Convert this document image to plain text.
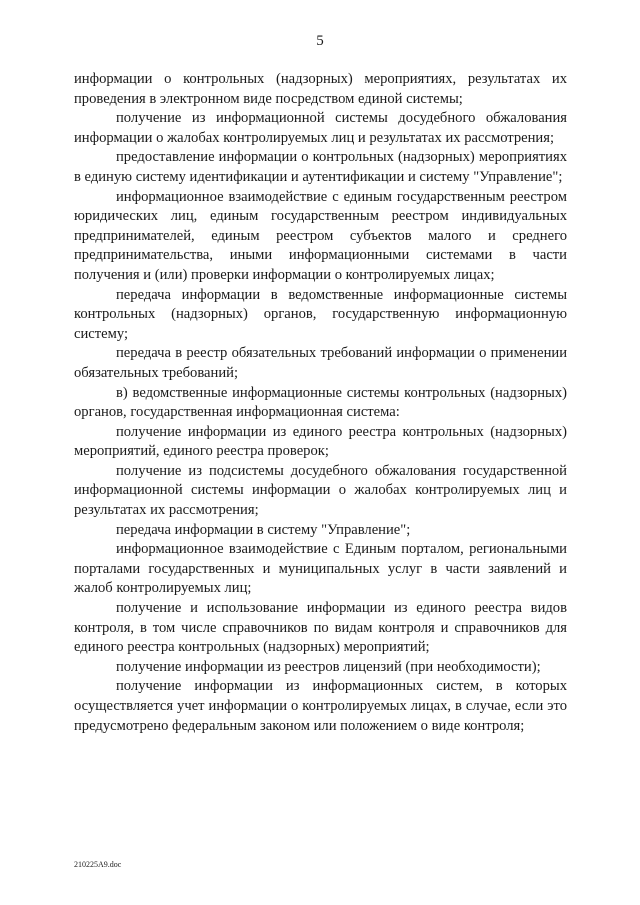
5

информации о контрольных (надзорных) мероприятиях, результатах их проведения в электронном виде посредством единой системы;

получение из информационной системы досудебного обжалования информации о жалобах контролируемых лиц и результатах их рассмотрения;

предоставление информации о контрольных (надзорных) мероприятиях в единую систему идентификации и аутентификации и систему "Управление";

информационное взаимодействие с единым государственным реестром юридических лиц, единым государственным реестром индивидуальных предпринимателей, единым реестром субъектов малого и среднего предпринимательства, иными информационными системами в части получения и (или) проверки информации о контролируемых лицах;

передача информации в ведомственные информационные системы контрольных (надзорных) органов, государственную информационную систему;

передача в реестр обязательных требований информации о применении обязательных требований;

в) ведомственные информационные системы контрольных (надзорных) органов, государственная информационная система:

получение информации из единого реестра контрольных (надзорных) мероприятий, единого реестра проверок;

получение из подсистемы досудебного обжалования государственной информационной системы информации о жалобах контролируемых лиц и результатах их рассмотрения;

передача информации в систему "Управление";

информационное взаимодействие с Единым порталом, региональными порталами государственных и муниципальных услуг в части заявлений и жалоб контролируемых лиц;

получение и использование информации из единого реестра видов контроля, в том числе справочников по видам контроля и справочников для единого реестра контрольных (надзорных) мероприятий;

получение информации из реестров лицензий (при необходимости);

получение информации из информационных систем, в которых осуществляется учет информации о контролируемых лицах, в случае, если это предусмотрено федеральным законом или положением о виде контроля;

210225A9.doc
